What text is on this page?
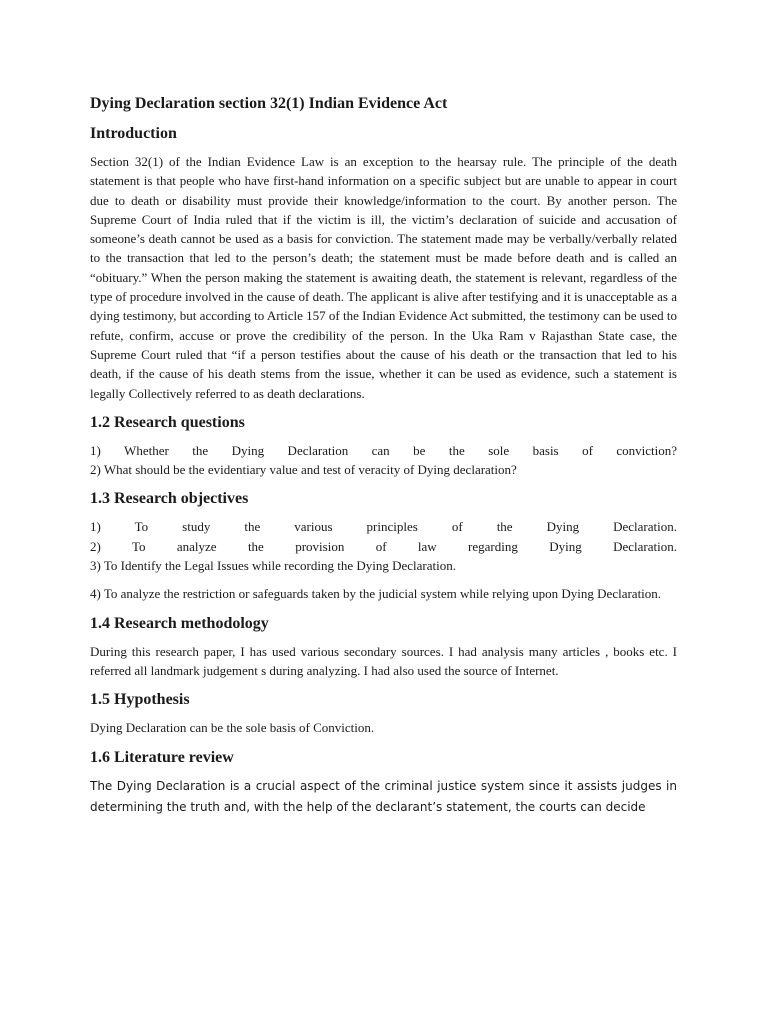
Dying Declaration section 32(1) Indian Evidence Act
Introduction

Section 32(1) of the Indian Evidence Law is an exception to the hearsay rule. The principle of the death statement is that people who have first-hand information on a specific subject but are unable to appear in court due to death or disability must provide their knowledge/information to the court. By another person. The Supreme Court of India ruled that if the victim is ill, the victim’s declaration of suicide and accusation of someone’s death cannot be used as a basis for conviction. The statement made may be verbally/verbally related to the transaction that led to the person’s death; the statement must be made before death and is called an “obituary.” When the person making the statement is awaiting death, the statement is relevant, regardless of the type of procedure involved in the cause of death. The applicant is alive after testifying and it is unacceptable as a dying testimony, but according to Article 157 of the Indian Evidence Act submitted, the testimony can be used to refute, confirm, accuse or prove the credibility of the person. In the Uka Ram v Rajasthan State case, the Supreme Court ruled that “if a person testifies about the cause of his death or the transaction that led to his death, if the cause of his death stems from the issue, whether it can be used as evidence, such a statement is legally Collectively referred to as death declarations.

1.2 Research questions
1) Whether the Dying Declaration can be the sole basis of conviction?
2) What should be the evidentiary value and test of veracity of Dying declaration?
1.3 Research objectives
1) To study the various principles of the Dying Declaration.
2) To analyze the provision of law regarding Dying Declaration.
3) To Identify the Legal Issues while recording the Dying Declaration.

4) To analyze the restriction or safeguards taken by the judicial system while relying upon Dying Declaration.

1.4 Research methodology

During this research paper, I has used various secondary sources. I had analysis many articles , books etc. I referred all landmark judgement s during analyzing. I had also used the source of Internet.

1.5 Hypothesis

Dying Declaration can be the sole basis of Conviction.

1.6 Literature review

The Dying Declaration is a crucial aspect of the criminal justice system since it assists judges in determining the truth and, with the help of the declarant’s statement, the courts can decide
